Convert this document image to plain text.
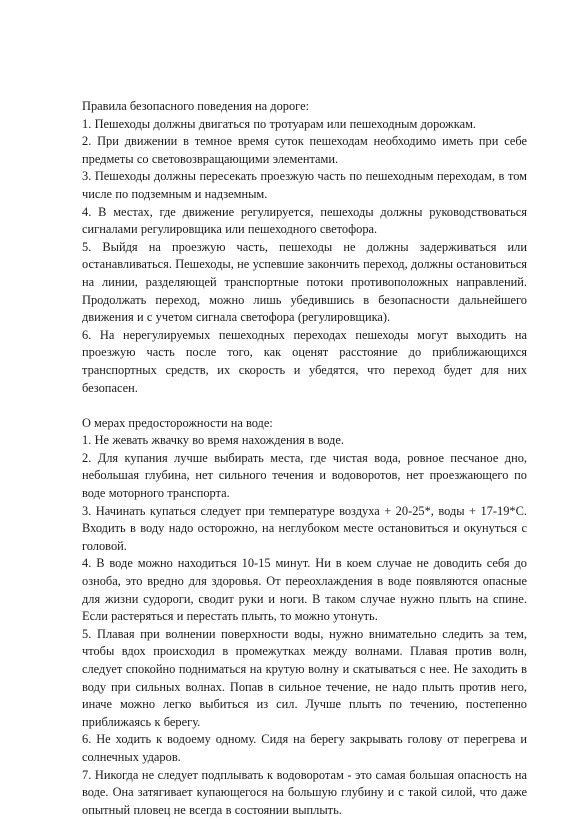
Правила безопасного поведения на дороге:

1. Пешеходы должны двигаться по тротуарам или пешеходным дорожкам.

2. При движении в темное время суток пешеходам необходимо иметь при себе предметы со световозвращающими элементами.

3. Пешеходы должны пересекать проезжую часть по пешеходным переходам, в том числе по подземным и надземным.

4. В местах, где движение регулируется, пешеходы должны руководствоваться сигналами регулировщика или пешеходного светофора.

5. Выйдя на проезжую часть, пешеходы не должны задерживаться или останавливаться. Пешеходы, не успевшие закончить переход, должны остановиться на линии, разделяющей транспортные потоки противоположных направлений. Продолжать переход, можно лишь убедившись в безопасности дальнейшего движения и с учетом сигнала светофора (регулировщика).

6. На нерегулируемых пешеходных переходах пешеходы могут выходить на проезжую часть после того, как оценят расстояние до приближающихся транспортных средств, их скорость и убедятся, что переход будет для них безопасен.

О мерах предосторожности на воде:

1. Не жевать жвачку во время нахождения в воде.

2. Для купания лучше выбирать места, где чистая вода, ровное песчаное дно, небольшая глубина, нет сильного течения и водоворотов, нет проезжающего по воде моторного транспорта.

3. Начинать купаться следует при температуре воздуха + 20-25*, воды + 17-19*С. Входить в воду надо осторожно, на неглубоком месте остановиться и окунуться с головой.

4. В воде можно находиться 10-15 минут. Ни в коем случае не доводить себя до озноба, это вредно для здоровья. От переохлаждения в воде появляются опасные для жизни судороги, сводит руки и ноги. В таком случае нужно плыть на спине. Если растеряться и перестать плыть, то можно утонуть.

5. Плавая при волнении поверхности воды, нужно внимательно следить за тем, чтобы вдох происходил в промежутках между волнами. Плавая против волн, следует спокойно подниматься на крутую волну и скатываться с нее. Не заходить в воду при сильных волнах. Попав в сильное течение, не надо плыть против него, иначе можно легко выбиться из сил. Лучше плыть по течению, постепенно приближаясь к берегу.

6. Не ходить к водоему одному. Сидя на берегу закрывать голову от перегрева и солнечных ударов.

7. Никогда не следует подплывать к водоворотам - это самая большая опасность на воде. Она затягивает купающегося на большую глубину и с такой силой, что даже опытный пловец не всегда в состоянии выплыть.
